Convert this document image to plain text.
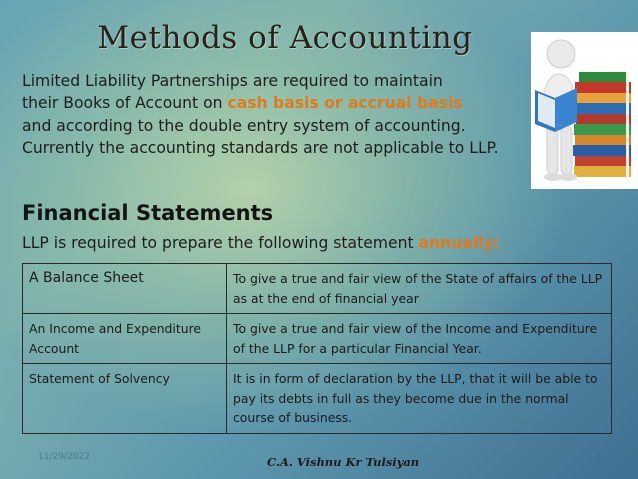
Methods of Accounting
Limited Liability Partnerships are required to maintain
their Books of Account on cash basis or accrual basis
and according to the double entry system of accounting.
Currently the accounting standards are not applicable to LLP.
Financial Statements
LLP is required to prepare the following statement annually:
A Balance Sheet	To give a true and fair view of the State of affairs of the LLP as at the end of financial year
An Income and Expenditure Account	To give a true and fair view of the Income and Expenditure of the LLP for a particular Financial Year.
Statement of Solvency	It is in form of declaration by the LLP, that it will be able to pay its debts in full as they become due in the normal course of business.
11/29/2022	C.A. Vishnu Kr Tulsiyan	4
